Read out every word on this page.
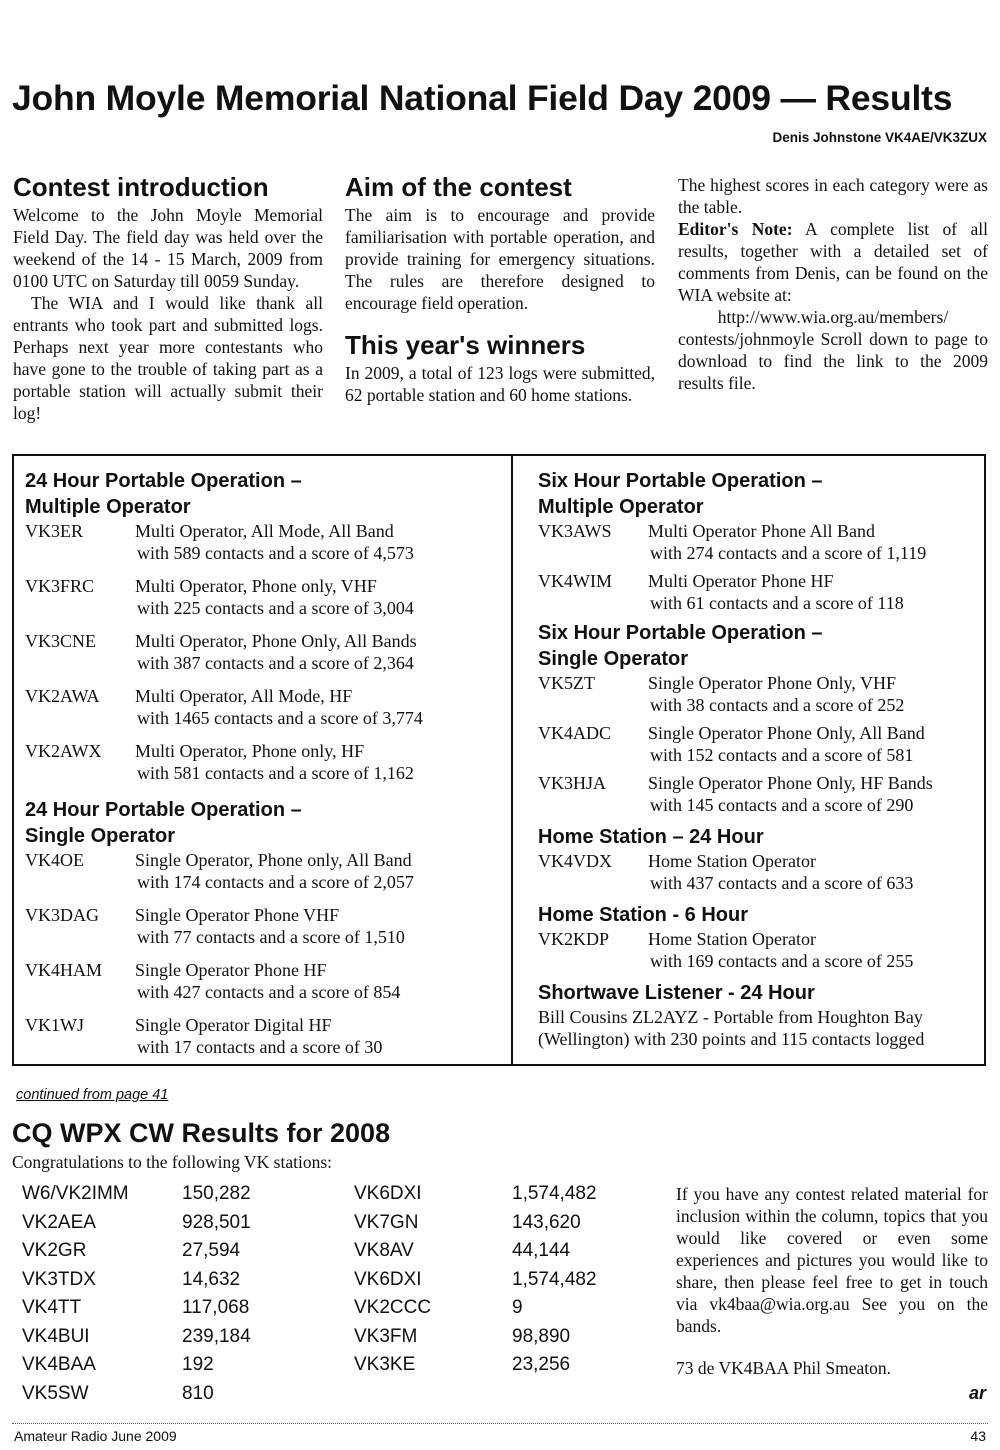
John Moyle Memorial National Field Day 2009 — Results
Denis Johnstone VK4AE/VK3ZUX
Contest introduction

Welcome to the John Moyle Memorial Field Day. The field day was held over the weekend of the 14 - 15 March, 2009 from 0100 UTC on Saturday till 0059 Sunday.

The WIA and I would like thank all entrants who took part and submitted logs. Perhaps next year more contestants who have gone to the trouble of taking part as a portable station will actually submit their log!

Aim of the contest

The aim is to encourage and provide familiarisation with portable operation, and provide training for emergency situations. The rules are therefore designed to encourage field operation.

This year's winners

In 2009, a total of 123 logs were submitted, 62 portable station and 60 home stations.

The highest scores in each category were as the table.

Editor's Note: A complete list of all results, together with a detailed set of comments from Denis, can be found on the WIA website at:

http://www.wia.org.au/members/

contests/johnmoyle Scroll down to page to download to find the link to the 2009 results file.

24 Hour Portable Operation –
Multiple Operator

VK3ER	Multi Operator, All Mode, All Band
with 589 contacts and a score of 4,573
VK3FRC Multi Operator, Phone only, VHF
with 225 contacts and a score of 3,004
VK3CNE Multi Operator, Phone Only, All Bands
with 387 contacts and a score of 2,364
VK2AWA Multi Operator, All Mode, HF
with 1465 contacts and a score of 3,774
VK2AWX Multi Operator, Phone only, HF
with 581 contacts and a score of 1,162

24 Hour Portable Operation –
Single Operator

VK4OE	Single Operator, Phone only, All Band
with 174 contacts and a score of 2,057
VK3DAG Single Operator Phone VHF
with 77 contacts and a score of 1,510
VK4HAM Single Operator Phone HF
with 427 contacts and a score of 854
VK1WJ	Single Operator Digital HF
with 17 contacts and a score of 30

Six Hour Portable Operation –
Multiple Operator

VK3AWS Multi Operator Phone All Band
with 274 contacts and a score of 1,119
VK4WIM Multi Operator Phone HF
with 61 contacts and a score of 118

Six Hour Portable Operation –
Single Operator

VK5ZT	Single Operator Phone Only, VHF
with 38 contacts and a score of 252
VK4ADC Single Operator Phone Only, All Band
with 152 contacts and a score of 581
VK3HJA Single Operator Phone Only, HF Bands
with 145 contacts and a score of 290

Home Station – 24 Hour

VK4VDX Home Station Operator
with 437 contacts and a score of 633

Home Station - 6 Hour

VK2KDP Home Station Operator
with 169 contacts and a score of 255

Shortwave Listener - 24 Hour

Bill Cousins ZL2AYZ - Portable from Houghton Bay
(Wellington) with 230 points and 115 contacts logged

continued from page 41
CQ WPX CW Results for 2008
Congratulations to the following VK stations:
W6/VK2IMM	150,282	VK6DXI	1,574,482
VK2AEA	928,501	VK7GN	143,620
VK2GR	27,594	VK8AV	44,144
VK3TDX	14,632	VK6DXI	1,574,482
VK4TT	117,068	VK2CCC	9
VK4BUI	239,184	VK3FM	98,890
VK4BAA	192	VK3KE	23,256
VK5SW	810

If you have any contest related material for inclusion within the column, topics that you would like covered or even some experiences and pictures you would like to share, then please feel free to get in touch via vk4baa@wia.org.au See you on the bands.

73 de VK4BAA Phil Smeaton.
ar
Amateur Radio June 2009	43
